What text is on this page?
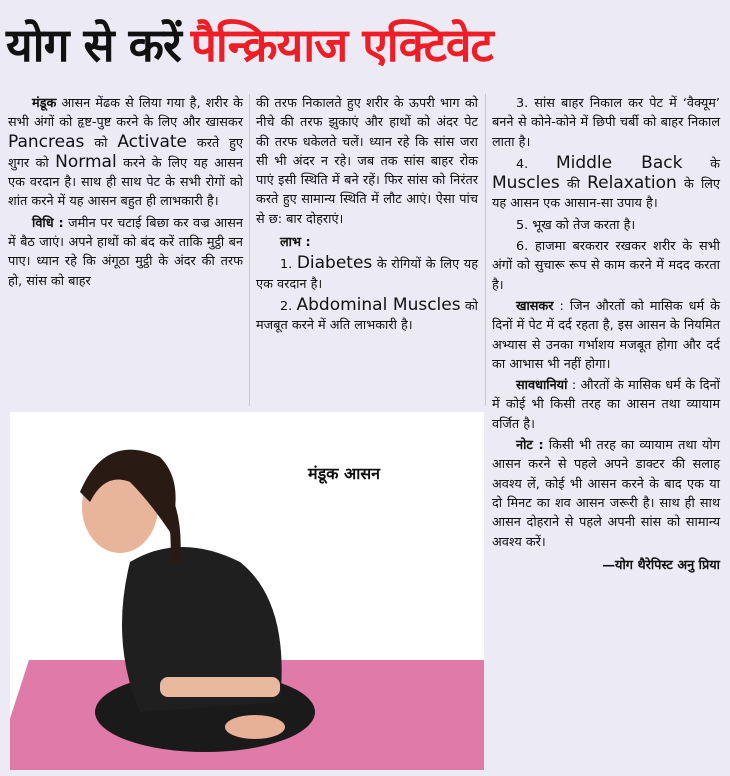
योग से करें पैन्क्रियाज एक्टिवेट

मंडूक आसन मेंढक से लिया गया है, शरीर के सभी अंगों को हृष्ट-पुष्ट करने के लिए और खासकर Pancreas को Activate करते हुए शुगर को Normal करने के लिए यह आसन एक वरदान है। साथ ही साथ पेट के सभी रोगों को शांत करने में यह आसन बहुत ही लाभकारी है।

विधि : जमीन पर चटाई बिछा कर वज्र आसन में बैठ जाएं। अपने हाथों को बंद करें ताकि मुट्ठी बन पाए। ध्यान रहे कि अंगूठा मुट्ठी के अंदर की तरफ हो, सांस को बाहर

की तरफ निकालते हुए शरीर के ऊपरी भाग को नीचे की तरफ झुकाएं और हाथों को अंदर पेट की तरफ धकेलते चलें। ध्यान रहे कि सांस जरा सी भी अंदर न रहे। जब तक सांस बाहर रोक पाएं इसी स्थिति में बने रहें। फिर सांस को निरंतर करते हुए सामान्य स्थिति में लौट आएं। ऐसा पांच से छ: बार दोहराएं।

लाभ :

1. Diabetes के रोगियों के लिए यह एक वरदान है।

2. Abdominal Muscles को मजबूत करने में अति लाभकारी है।

3. सांस बाहर निकाल कर पेट में ‘वैक्यूम’ बनने से कोने-कोने में छिपी चर्बी को बाहर निकाल लाता है।

4. Middle Back के Muscles की Relaxation के लिए यह आसन एक आसान-सा उपाय है।

5. भूख को तेज करता है।

6. हाजमा बरकरार रखकर शरीर के सभी अंगों को सुचारू रूप से काम करने में मदद करता है।

खासकर : जिन औरतों को मासिक धर्म के दिनों में पेट में दर्द रहता है, इस आसन के नियमित अभ्यास से उनका गर्भाशय मजबूत होगा और दर्द का आभास भी नहीं होगा।

सावधानियां : औरतों के मासिक धर्म के दिनों में कोई भी किसी तरह का आसन तथा व्यायाम वर्जित है।

नोट : किसी भी तरह का व्यायाम तथा योग आसन करने से पहले अपने डाक्टर की सलाह अवश्य लें, कोई भी आसन करने के बाद एक या दो मिनट का शव आसन जरूरी है। साथ ही साथ आसन दोहराने से पहले अपनी सांस को सामान्य अवश्य करें।

—योग थैरेपिस्ट अनु प्रिया
मंडूक आसन
